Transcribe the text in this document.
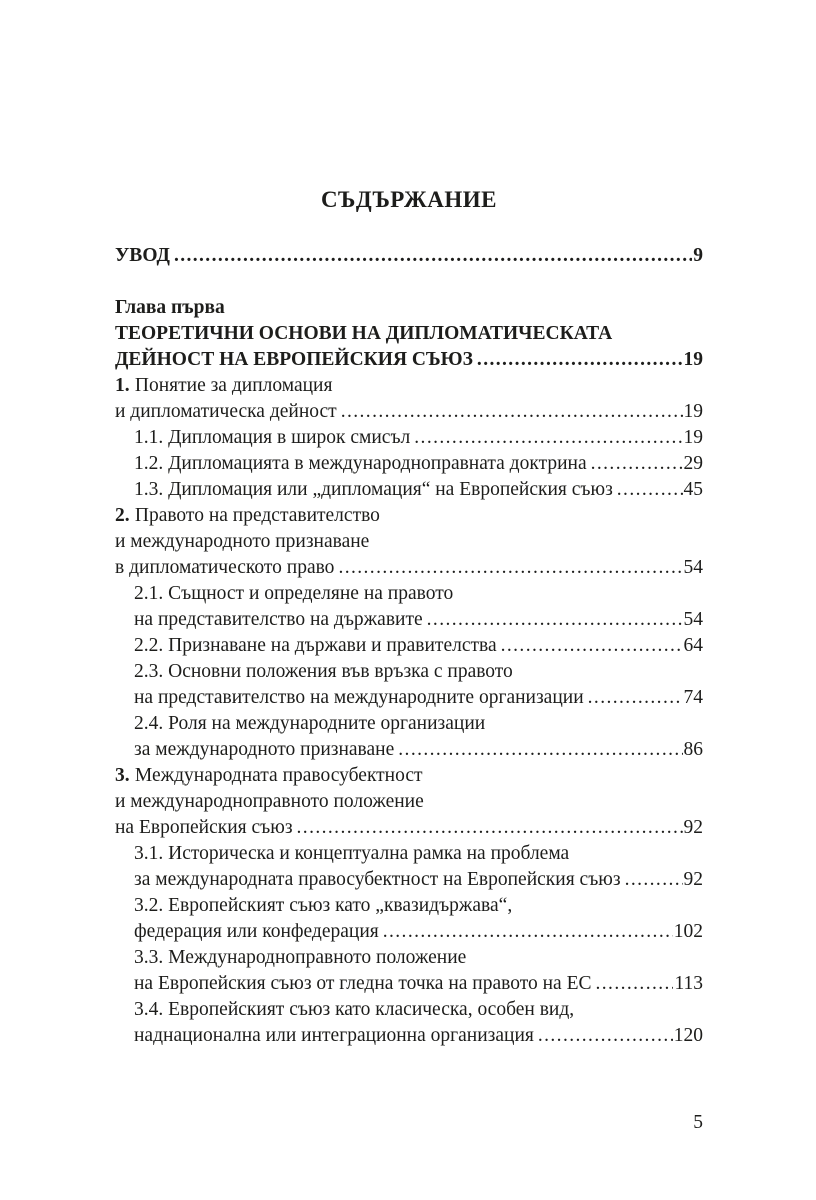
СЪДЪРЖАНИЕ
УВОД .....	9
Глава първа
ТЕОРЕТИЧНИ ОСНОВИ НА ДИПЛОМАТИЧЕСКАТА
ДЕЙНОСТ НА ЕВРОПЕЙСКИЯ СЪЮЗ .....	19
1. Понятие за дипломация
и дипломатическа дейност .....	19
1.1. Дипломация в широк смисъл .....	19
1.2. Дипломацията в международноправната доктрина .....	29
1.3. Дипломация или „дипломация“ на Европейския съюз .....	45
2. Правото на представителство
и международното признаване
в дипломатическото право .....	54
2.1. Същност и определяне на правото
на представителство на държавите .....	54
2.2. Признаване на държави и правителства .....	64
2.3. Основни положения във връзка с правото
на представителство на международните организации .....	74
2.4. Роля на международните организации
за международното признаване .....	86
3. Международната правосубектност
и международноправното положение
на Европейския съюз .....	92
3.1. Историческа и концептуална рамка на проблема
за международната правосубектност на Европейския съюз .....	92
3.2. Европейският съюз като „квазидържава“,
федерация или конфедерация .....	102
3.3. Международноправното положение
на Европейския съюз от гледна точка на правото на ЕС .....	113
3.4. Европейският съюз като класическа, особен вид,
наднационална или интеграционна организация .....	120
5
